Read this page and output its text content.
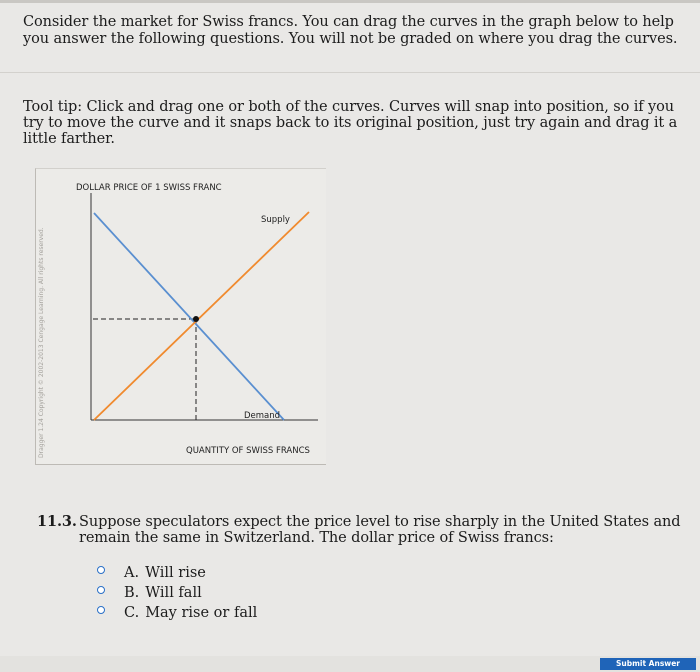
Consider the market for Swiss francs. You can drag the curves in the graph below to help you answer the following questions. You will not be graded on where you drag the curves.
Tool tip: Click and drag one or both of the curves. Curves will snap into position, so if you try to move the curve and it snaps back to its original position, just try again and drag it a little farther.
Dragger 1.24 Copyright © 2002-2013 Cengage Learning. All rights reserved.
DOLLAR PRICE OF 1 SWISS FRANC
QUANTITY OF SWISS FRANCS
Supply
Demand
11.3. Suppose speculators expect the price level to rise sharply in the United States and remain the same in Switzerland. The dollar price of Swiss francs:
A. Will rise
B. Will fall
C. May rise or fall
Submit Answer
